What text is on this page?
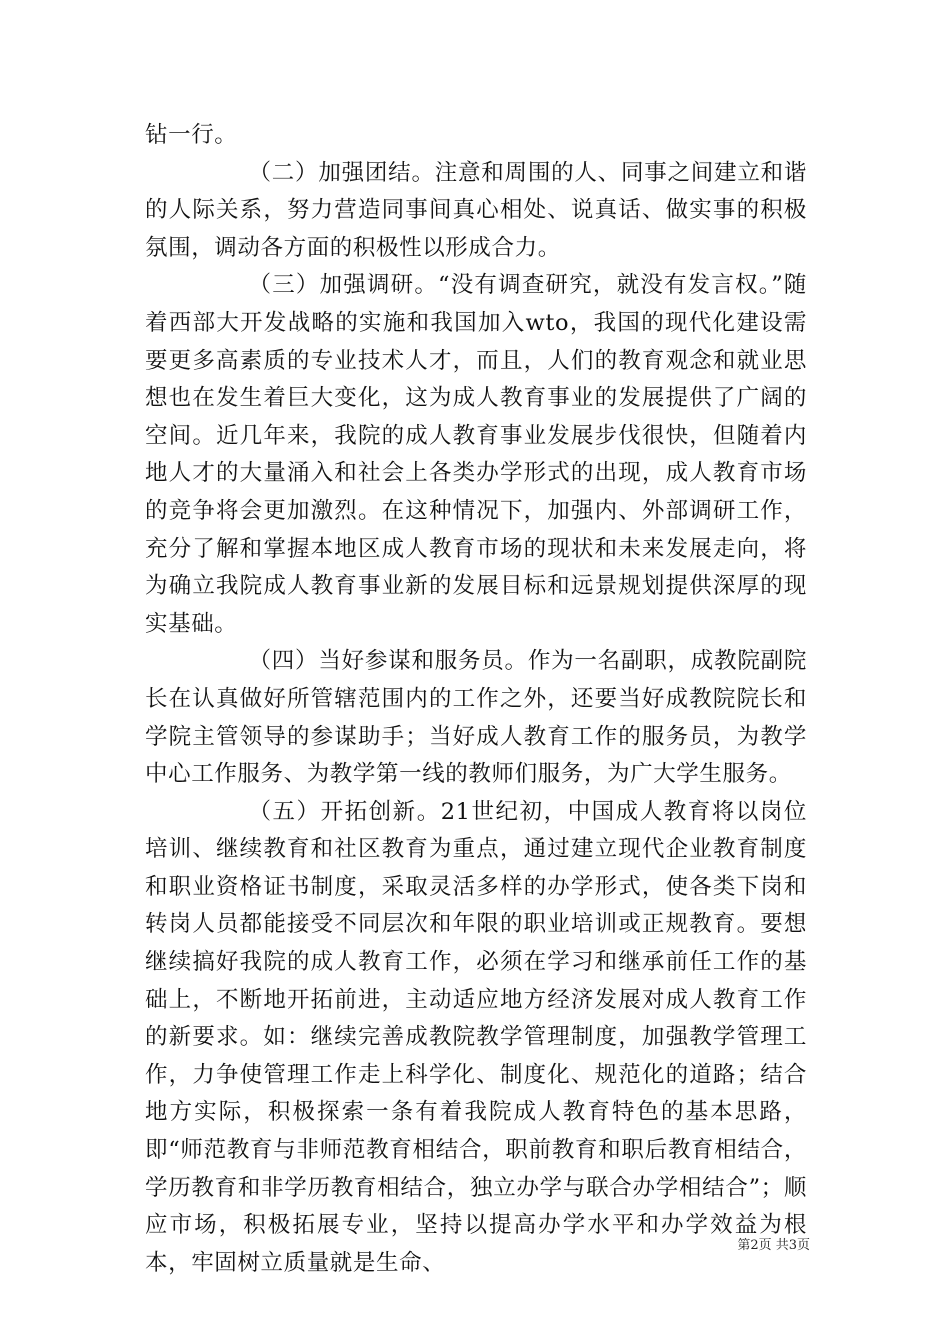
钻一行。

（二）加强团结。注意和周围的人、同事之间建立和谐的人际关系，努力营造同事间真心相处、说真话、做实事的积极氛围，调动各方面的积极性以形成合力。

（三）加强调研。“没有调查研究，就没有发言权。”随着西部大开发战略的实施和我国加入wto，我国的现代化建设需要更多高素质的专业技术人才，而且，人们的教育观念和就业思想也在发生着巨大变化，这为成人教育事业的发展提供了广阔的空间。近几年来，我院的成人教育事业发展步伐很快，但随着内地人才的大量涌入和社会上各类办学形式的出现，成人教育市场的竞争将会更加激烈。在这种情况下，加强内、外部调研工作，充分了解和掌握本地区成人教育市场的现状和未来发展走向，将为确立我院成人教育事业新的发展目标和远景规划提供深厚的现实基础。

（四）当好参谋和服务员。作为一名副职，成教院副院长在认真做好所管辖范围内的工作之外，还要当好成教院院长和学院主管领导的参谋助手；当好成人教育工作的服务员，为教学中心工作服务、为教学第一线的教师们服务，为广大学生服务。

（五）开拓创新。21世纪初，中国成人教育将以岗位培训、继续教育和社区教育为重点，通过建立现代企业教育制度和职业资格证书制度，采取灵活多样的办学形式，使各类下岗和转岗人员都能接受不同层次和年限的职业培训或正规教育。要想继续搞好我院的成人教育工作，必须在学习和继承前任工作的基础上，不断地开拓前进，主动适应地方经济发展对成人教育工作的新要求。如：继续完善成教院教学管理制度，加强教学管理工作，力争使管理工作走上科学化、制度化、规范化的道路；结合地方实际，积极探索一条有着我院成人教育特色的基本思路，即“师范教育与非师范教育相结合，职前教育和职后教育相结合，学历教育和非学历教育相结合，独立办学与联合办学相结合”；顺应市场，积极拓展专业，坚持以提高办学水平和办学效益为根本，牢固树立质量就是生命、

第2页 共3页
